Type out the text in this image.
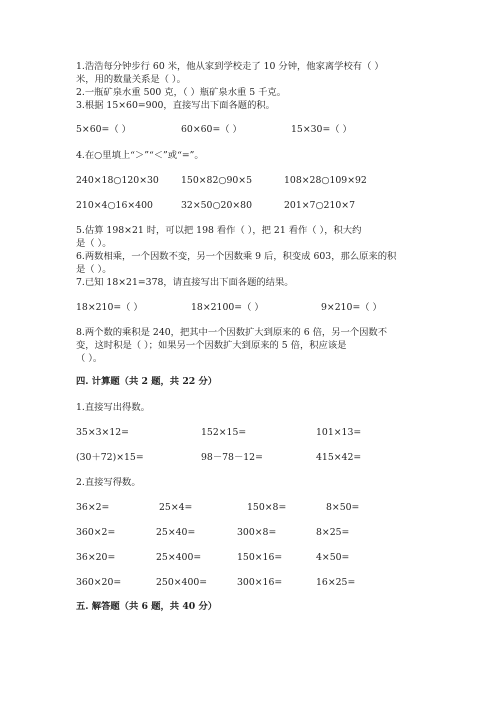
1.浩浩每分钟步行 60 米，他从家到学校走了 10 分钟，他家离学校有（ ）
米，用的数量关系是（ ）。
2.一瓶矿泉水重 500 克，（ ）瓶矿泉水重 5 千克。
3.根据 15×60=900，直接写出下面各题的积。
5×60=（ ）	60×60=（ ）	15×30=（ ）
4.在○里填上“＞”“＜”或“=”。
240×18○120×30 150×82○90×5	108×28○109×92
210×4○16×400	32×50○20×80	201×7○210×7
5.估算 198×21 时，可以把 198 看作（ ），把 21 看作（ ），积大约
是（ ）。
6.两数相乘，一个因数不变，另一个因数乘 9 后，积变成 603，那么原来的积
是（ ）。
7.已知 18×21=378，请直接写出下面各题的结果。
18×210=（ ）	18×2100=（ ）	9×210=（ ）
8.两个数的乘积是 240，把其中一个因数扩大到原来的 6 倍，另一个因数不
变，这时积是（ ）；如果另一个因数扩大到原来的 5 倍，积应该是
（ ）。
四. 计算题（共 2 题，共 22 分）
1.直接写出得数。
35×3×12=	152×15=	101×13=
(30＋72)×15=	98－78－12=	415×42=
2.直接写得数。
36×2=	25×4=	150×8=	8×50=
360×2=	25×40=	300×8=	8×25=
36×20=	25×400=	150×16=	4×50=
360×20=	250×400=	300×16=	16×25=
五. 解答题（共 6 题，共 40 分）
